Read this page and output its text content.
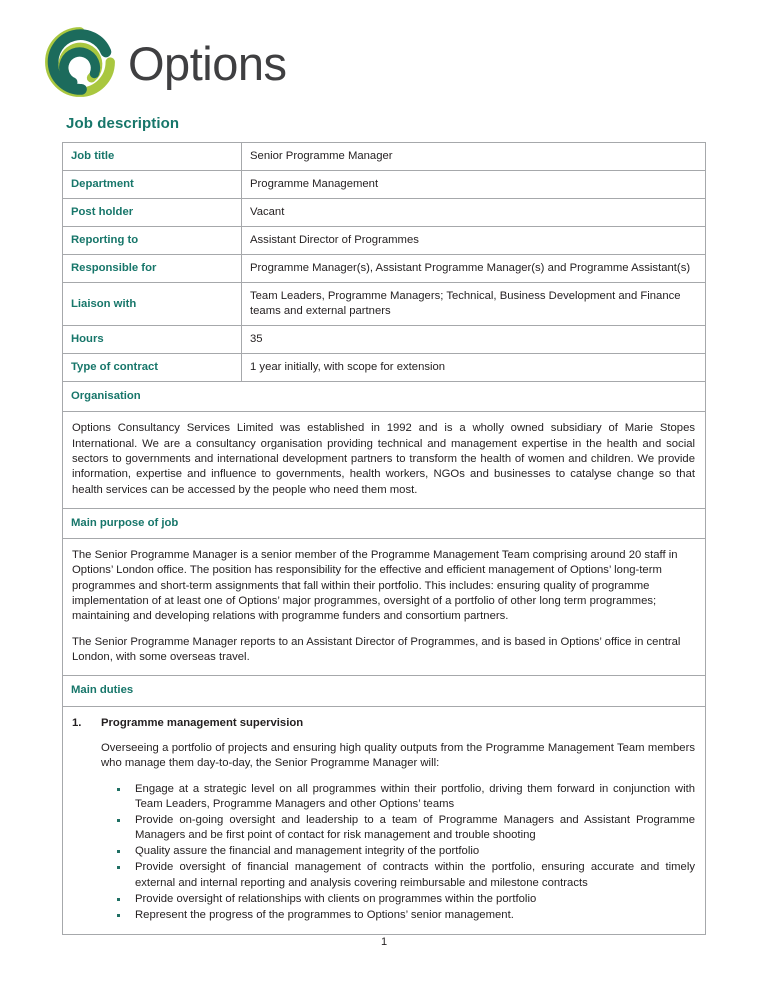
Options
Job description
Job title	Senior Programme Manager
Department	Programme Management
Post holder	Vacant
Reporting to	Assistant Director of Programmes
Responsible for	Programme Manager(s), Assistant Programme Manager(s) and Programme Assistant(s)
Liaison with	Team Leaders, Programme Managers; Technical, Business Development and Finance teams and external partners
Hours	35
Type of contract	1 year initially, with scope for extension
Organisation	

Options Consultancy Services Limited was established in 1992 and is a wholly owned subsidiary of Marie Stopes International. We are a consultancy organisation providing technical and management expertise in the health and social sectors to governments and international development partners to transform the health of women and children. We provide information, expertise and influence to governments, health workers, NGOs and businesses to catalyse change so that health services can be accessed by the people who need them most.	

Main purpose of job	

The Senior Programme Manager is a senior member of the Programme Management Team comprising around 20 staff in Options’ London office. The position has responsibility for the effective and efficient management of Options’ long-term programmes and short-term assignments that fall within their portfolio. This includes: ensuring quality of programme implementation of at least one of Options’ major programmes, oversight of a portfolio of other long term programmes; maintaining and developing relations with programme funders and consortium partners.

The Senior Programme Manager reports to an Assistant Director of Programmes, and is based in Options’ office in central London, with some overseas travel.	

Main duties	

1.	Programme management supervision

Overseeing a portfolio of projects and ensuring high quality outputs from the Programme Management Team members who manage them day-to-day, the Senior Programme Manager will:

Engage at a strategic level on all programmes within their portfolio, driving them forward in conjunction with Team Leaders, Programme Managers and other Options’ teams
Provide on-going oversight and leadership to a team of Programme Managers and Assistant Programme Managers and be first point of contact for risk management and trouble shooting
Quality assure the financial and management integrity of the portfolio
Provide oversight of financial management of contracts within the portfolio, ensuring accurate and timely external and internal reporting and analysis covering reimbursable and milestone contracts
Provide oversight of relationships with clients on programmes within the portfolio
Represent the progress of the programmes to Options’ senior management.
1
